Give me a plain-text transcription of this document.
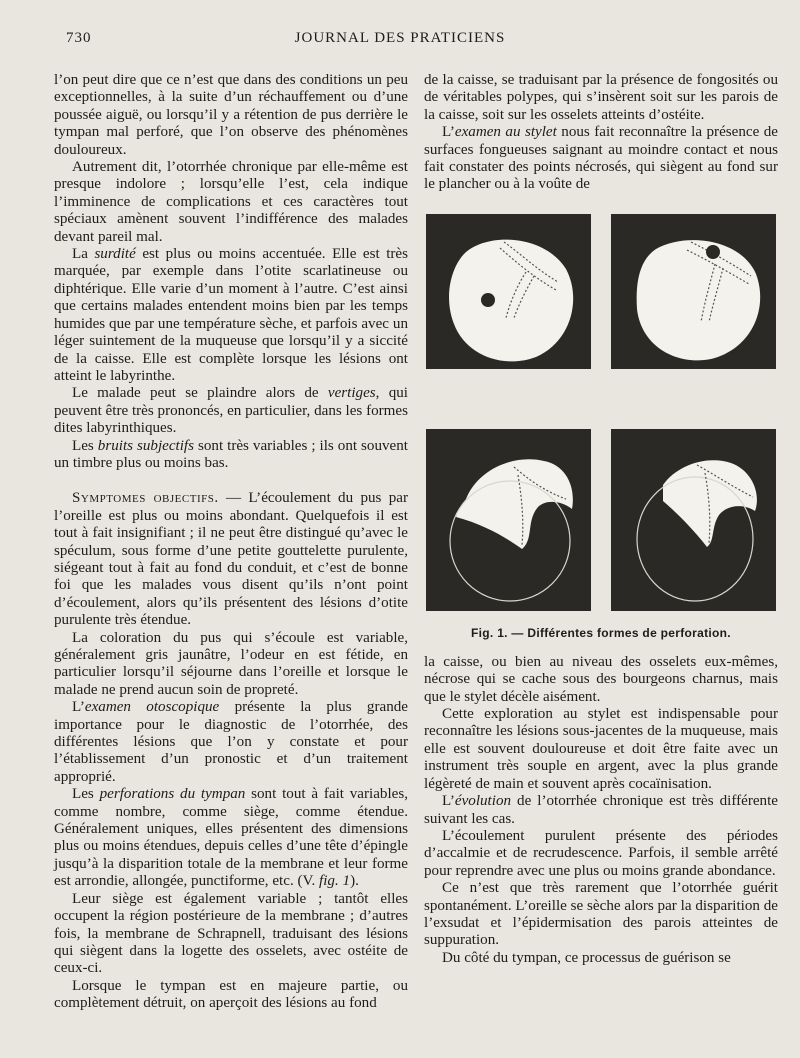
730	JOURNAL DES PRATICIENS

l’on peut dire que ce n’est que dans des conditions un peu exceptionnelles, à la suite d’un réchauffement ou d’une poussée aiguë, ou lorsqu’il y a rétention de pus derrière le tympan mal perforé, que l’on observe des phénomènes douloureux.

Autrement dit, l’otorrhée chronique par elle-même est presque indolore ; lorsqu’elle l’est, cela indique l’imminence de complications et ces caractères tout spéciaux amènent souvent l’indifférence des malades devant pareil mal.

La surdité est plus ou moins accentuée. Elle est très marquée, par exemple dans l’otite scarlatineuse ou diphtérique. Elle varie d’un moment à l’autre. C’est ainsi que certains malades entendent moins bien par les temps humides que par une température sèche, et parfois avec un léger suintement de la muqueuse que lorsqu’il y a siccité de la caisse. Elle est complète lorsque les lésions ont atteint le labyrinthe.

Le malade peut se plaindre alors de vertiges, qui peuvent être très prononcés, en particulier, dans les formes dites labyrinthiques.

Les bruits subjectifs sont très variables ; ils ont souvent un timbre plus ou moins bas.

Symptomes objectifs. — L’écoulement du pus par l’oreille est plus ou moins abondant. Quelquefois il est tout à fait insignifiant ; il ne peut être distingué qu’avec le spéculum, sous forme d’une petite gouttelette purulente, siégeant tout à fait au fond du conduit, et c’est de bonne foi que les malades vous disent qu’ils n’ont point d’écoulement, alors qu’ils présentent des lésions d’otite purulente très étendue.

La coloration du pus qui s’écoule est variable, généralement gris jaunâtre, l’odeur en est fétide, en particulier lorsqu’il séjourne dans l’oreille et lorsque le malade ne prend aucun soin de propreté.

L’examen otoscopique présente la plus grande importance pour le diagnostic de l’otorrhée, des différentes lésions que l’on y constate et pour l’établissement d’un pronostic et d’un traitement approprié.

Les perforations du tympan sont tout à fait variables, comme nombre, comme siège, comme étendue. Généralement uniques, elles présentent des dimensions plus ou moins étendues, depuis celles d’une tête d’épingle jusqu’à la disparition totale de la membrane et leur forme est arrondie, allongée, punctiforme, etc. (V. fig. 1).

Leur siège est également variable ; tantôt elles occupent la région postérieure de la membrane ; d’autres fois, la membrane de Schrapnell, traduisant des lésions qui siègent dans la logette des osselets, avec ostéite de ceux-ci.

Lorsque le tympan est en majeure partie, ou complètement détruit, on aperçoit des lésions au fond

de la caisse, se traduisant par la présence de fongosités ou de véritables polypes, qui s’insèrent soit sur les parois de la caisse, soit sur les osselets atteints d’ostéite.

L’examen au stylet nous fait reconnaître la présence de surfaces fongueuses saignant au moindre contact et nous fait constater des points nécrosés, qui siègent au fond sur le plancher ou à la voûte de

Fig. 1. — Différentes formes de perforation.

la caisse, ou bien au niveau des osselets eux-mêmes, nécrose qui se cache sous des bourgeons charnus, mais que le stylet décèle aisément.

Cette exploration au stylet est indispensable pour reconnaître les lésions sous-jacentes de la muqueuse, mais elle est souvent douloureuse et doit être faite avec un instrument très souple en argent, avec la plus grande légèreté de main et souvent après cocaïnisation.

L’évolution de l’otorrhée chronique est très différente suivant les cas.

L’écoulement purulent présente des périodes d’accalmie et de recrudescence. Parfois, il semble arrêté pour reprendre avec une plus ou moins grande abondance.

Ce n’est que très rarement que l’otorrhée guérit spontanément. L’oreille se sèche alors par la disparition de l’exsudat et l’épidermisation des parois atteintes de suppuration.

Du côté du tympan, ce processus de guérison se
